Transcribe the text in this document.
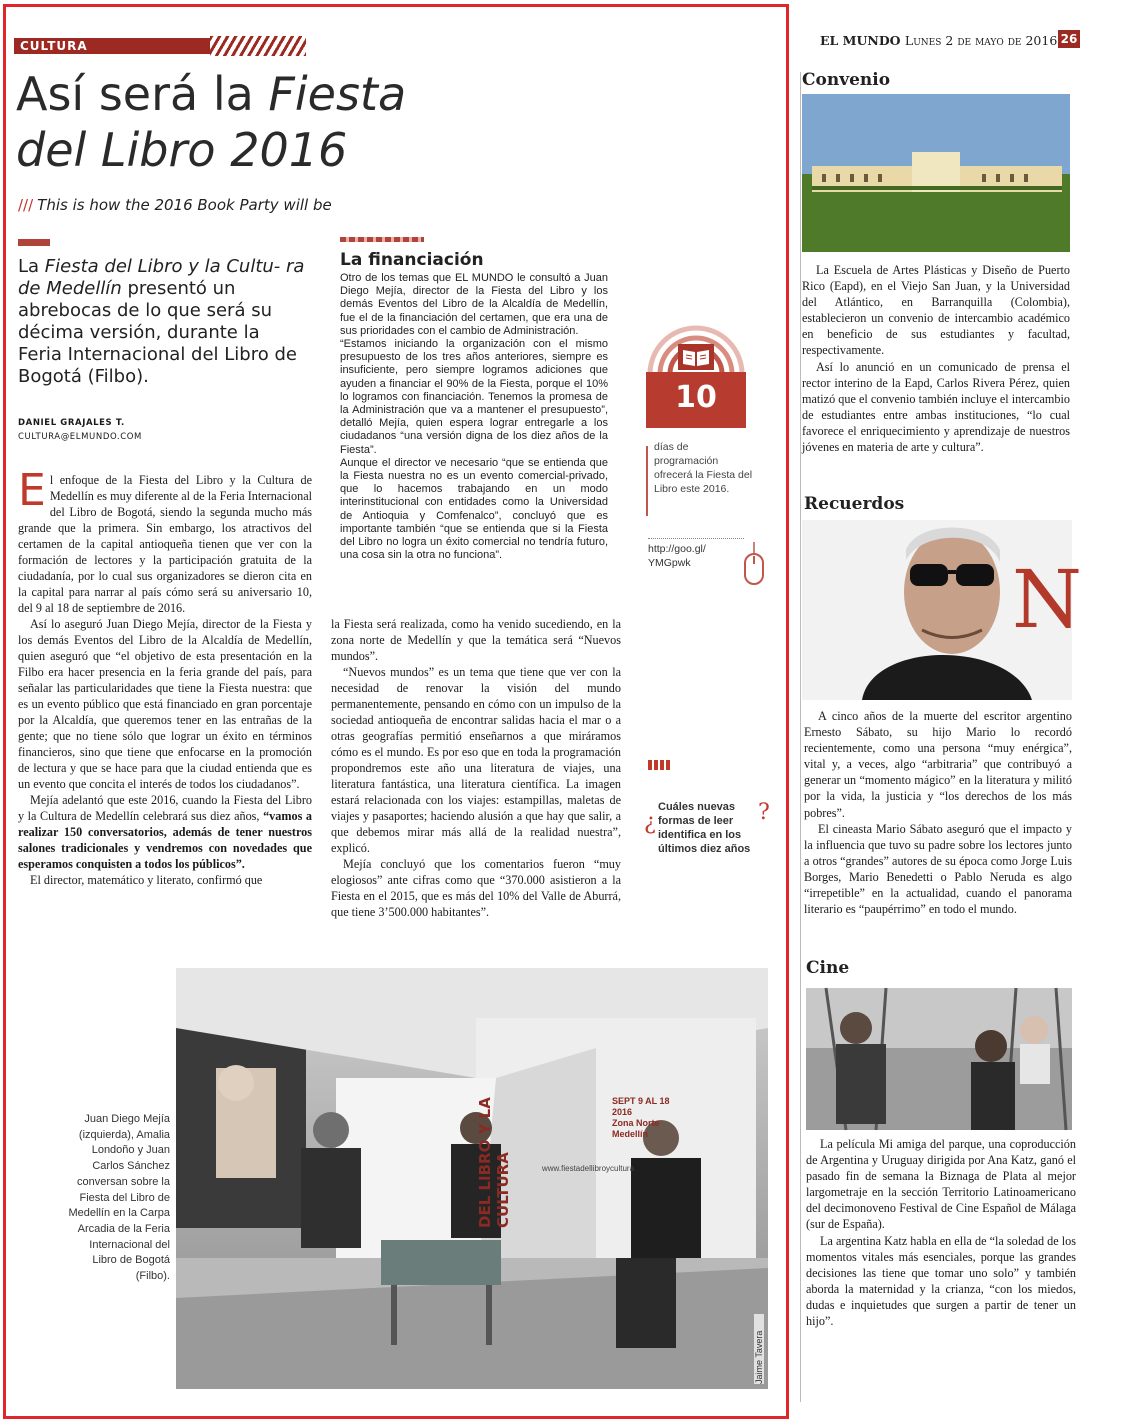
CULTURA
Así será la Fiesta
del Libro 2016
/// This is how the 2016 Book Party will be
La Fiesta del Libro y la Cultu- ra de Medellín presentó un abrebocas de lo que será su décima versión, durante la Feria Internacional del Libro de Bogotá (Filbo).
DANIEL GRAJALES T.
CULTURA@ELMUNDO.COM

El enfoque de la Fiesta del Libro y la Cultura de Medellín es muy diferente al de la Feria Internacional del Libro de Bogotá, siendo la segunda mucho más grande que la primera. Sin embargo, los atractivos del certamen de la capital antioqueña tienen que ver con la formación de lectores y la participación gratuita de la ciudadanía, por lo cual sus organizadores se dieron cita en la capital para narrar al país cómo será su aniversario 10, del 9 al 18 de septiembre de 2016.

Así lo aseguró Juan Diego Mejía, director de la Fiesta y los demás Eventos del Libro de la Alcaldía de Medellín, quien aseguró que “el objetivo de esta presentación en la Filbo era hacer presencia en la feria grande del país, para señalar las particularidades que tiene la Fiesta nuestra: que es un evento público que está financiado en gran porcentaje por la Alcaldía, que queremos tener en las entrañas de la gente; que no tiene sólo que lograr un éxito en términos financieros, sino que tiene que enfocarse en la promoción de lectura y que se hace para que la ciudad entienda que es un evento que concita el interés de todos los ciudadanos”.

Mejía adelantó que este 2016, cuando la Fiesta del Libro y la Cultura de Medellín celebrará sus diez años, “vamos a realizar 150 conversatorios, además de tener nuestros salones tradicionales y vendremos con novedades que esperamos conquisten a todos los públicos”.

El director, matemático y literato, confirmó que

La financiación

Otro de los temas que EL MUNDO le consultó a Juan Diego Mejía, director de la Fiesta del Libro y los demás Eventos del Libro de la Alcaldía de Medellín, fue el de la financiación del certamen, que era una de sus prioridades con el cambio de Administración.

“Estamos iniciando la organización con el mismo presupuesto de los tres años anteriores, siempre es insuficiente, pero siempre logramos adiciones que ayuden a financiar el 90% de la Fiesta, porque el 10% lo logramos con financiación. Tenemos la promesa de la Administración que va a mantener el presupuesto”, detalló Mejía, quien espera lograr entregarle a los ciudadanos “una versión digna de los diez años de la Fiesta”.

Aunque el director ve necesario “que se entienda que la Fiesta nuestra no es un evento comercial-privado, que lo hacemos trabajando en un modo interinstitucional con entidades como la Universidad de Antioquia y Comfenalco”, concluyó que es importante también “que se entienda que si la Fiesta del Libro no logra un éxito comercial no tendría futuro, una cosa sin la otra no funciona”.

la Fiesta será realizada, como ha venido sucediendo, en la zona norte de Medellín y que la temática será “Nuevos mundos”.

“Nuevos mundos” es un tema que tiene que ver con la necesidad de renovar la visión del mundo permanentemente, pensando en cómo con un impulso de la sociedad antioqueña de encontrar salidas hacia el mar o a otras geografías permitió enseñarnos a que miráramos cómo es el mundo. Es por eso que en toda la programación propondremos este año una literatura de viajes, una literatura fantástica, una literatura científica. La imagen estará relacionada con los viajes: estampillas, maletas de viajes y pasaportes; haciendo alusión a que hay que salir, a que debemos mirar más allá de la realidad nuestra”, explicó.

Mejía concluyó que los comentarios fueron “muy elogiosos” ante cifras como que “370.000 asistieron a la Fiesta en el 2015, que es más del 10% del Valle de Aburrá, que tiene 3’500.000 habitantes”.

10
días de programación ofrecerá la Fiesta del Libro este 2016.
http://goo.gl/ YMGpwk
¿
Cuáles nuevas formas de leer identifica en los últimos diez años
?
DEL LIBRO Y LA CULTURA
SEPT 9 AL 18
2016
Zona Norte
Medellín
www.fiestadellibroycultura
Jaime Tavera
Juan Diego Mejía (izquierda), Amalia Londoño y Juan Carlos Sánchez conversan sobre la Fiesta del Libro de Medellín en la Carpa Arcadia de la Feria Internacional del Libro de Bogotá (Filbo).
EL MUNDO Lunes 2 de mayo de 2016 26
Convenio

La Escuela de Artes Plásticas y Diseño de Puerto Rico (Eapd), en el Viejo San Juan, y la Universidad del Atlántico, en Barranquilla (Colombia), establecieron un convenio de intercambio académico en beneficio de sus estudiantes y facultad, respectivamente.

Así lo anunció en un comunicado de prensa el rector interino de la Eapd, Carlos Rivera Pérez, quien matizó que el convenio también incluye el intercambio de estudiantes entre ambas instituciones, “lo cual favorece el enriquecimiento y aprendizaje de nuestros jóvenes en materia de arte y cultura”.

Recuerdos
N

A cinco años de la muerte del escritor argentino Ernesto Sábato, su hijo Mario lo recordó recientemente, como una persona “muy enérgica”, vital y, a veces, algo “arbitraria” que contribuyó a generar un “momento mágico” en la literatura y militó por la vida, la justicia y “los derechos de los más pobres”.

El cineasta Mario Sábato aseguró que el impacto y la influencia que tuvo su padre sobre los lectores junto a otros “grandes” autores de su época como Jorge Luis Borges, Mario Benedetti o Pablo Neruda es algo “irrepetible” en la actualidad, cuando el panorama literario es “paupérrimo” en todo el mundo.

Cine

La película Mi amiga del parque, una coproducción de Argentina y Uruguay dirigida por Ana Katz, ganó el pasado fin de semana la Biznaga de Plata al mejor largometraje en la sección Territorio Latinoamericano del decimonoveno Festival de Cine Español de Málaga (sur de España).

La argentina Katz habla en ella de “la soledad de los momentos vitales más esenciales, porque las grandes decisiones las tiene que tomar uno solo” y también aborda la maternidad y la crianza, “con los miedos, dudas e inquietudes que surgen a partir de tener un hijo”.
